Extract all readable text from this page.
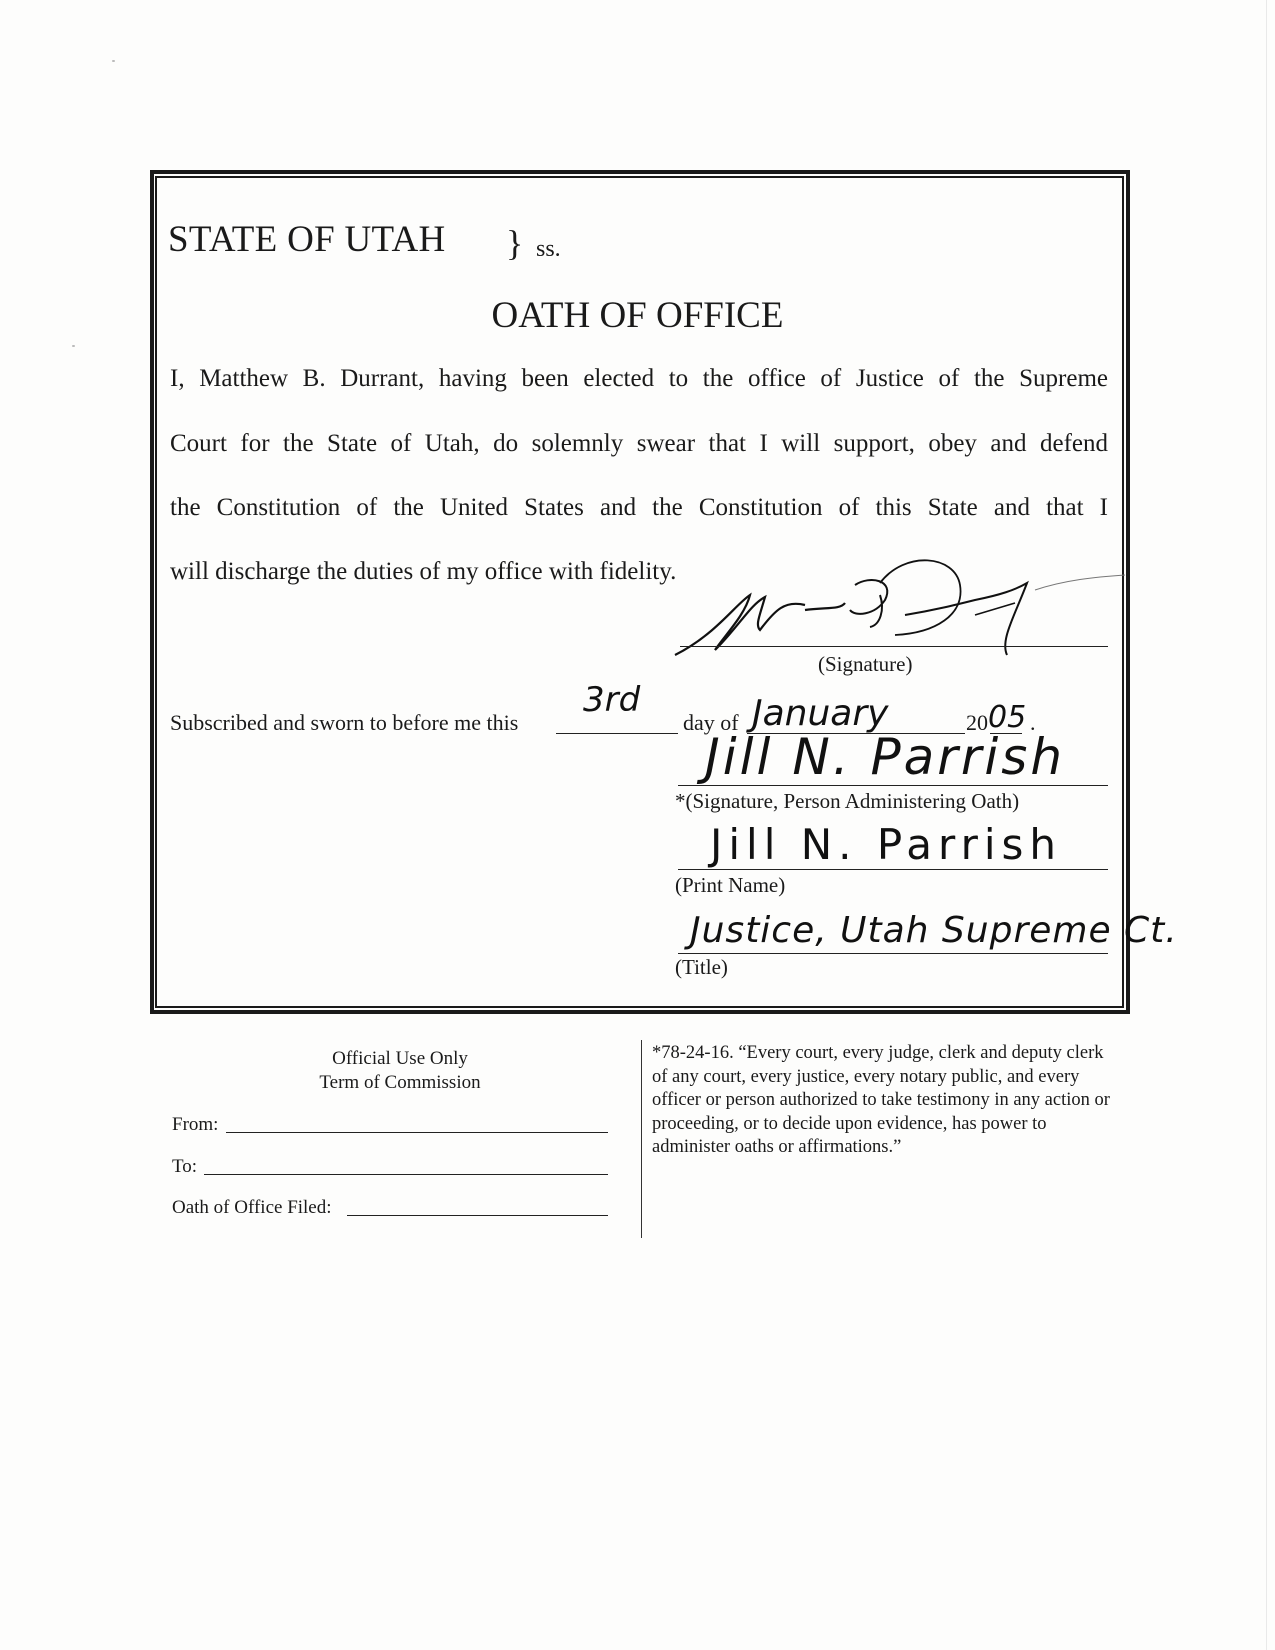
STATE OF UTAH } ss.
OATH OF OFFICE
I, Matthew B. Durrant, having been elected to the office of Justice of the Supreme
Court for the State of Utah, do solemnly swear that I will support, obey and defend
the Constitution of the United States and the Constitution of this State and that I
will discharge the duties of my office with fidelity.
(Signature)
Subscribed and sworn to before me this
3rd
day of January	20 05 .
Jill N. Parrish
*(Signature, Person Administering Oath)
Jill N. Parrish
(Print Name)
Justice, Utah Supreme Ct.
(Title)
Official Use Only
Term of Commission
From:
To:
Oath of Office Filed:
*78-24-16. “Every court, every judge, clerk and deputy clerk of any court, every justice, every notary public, and every officer or person authorized to take testimony in any action or proceeding, or to decide upon evidence, has power to administer oaths or affirmations.”
